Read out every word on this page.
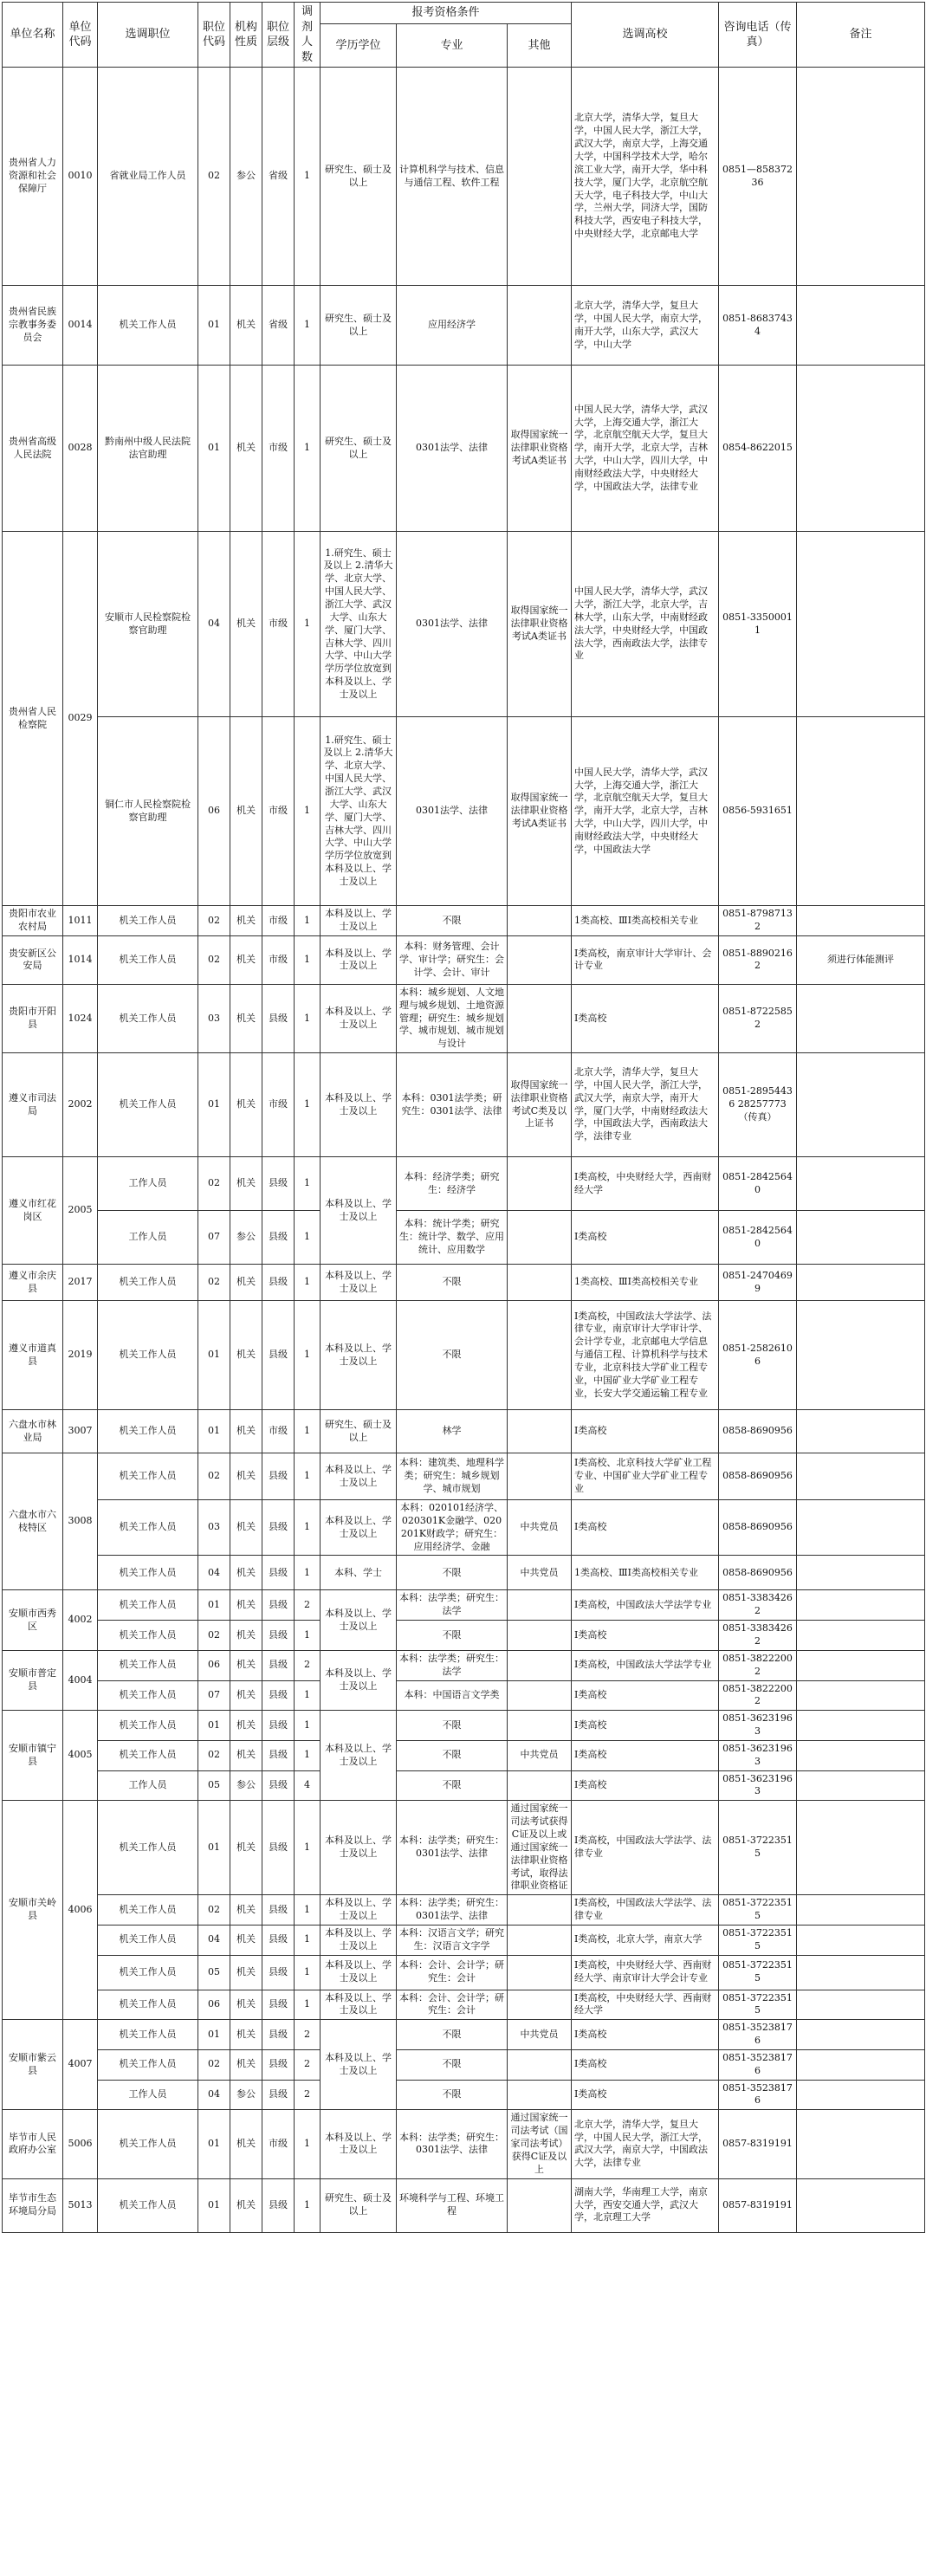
单位名称	单位代码	选调职位	职位代码	机构性质	职位层级	调剂人数	报考资格条件			选调高校	咨询电话（传真）	备注
							学历学位	专业	其他			
贵州省人力资源和社会保障厅	0010	省就业局工作人员	02	参公	省级	1	研究生、硕士及以上	计算机科学与技术、信息与通信工程、软件工程		北京大学，清华大学，复旦大学，中国人民大学，浙江大学，武汉大学，南京大学，上海交通大学，中国科学技术大学，哈尔滨工业大学，南开大学，华中科技大学，厦门大学，北京航空航天大学，电子科技大学，中山大学，兰州大学，同济大学，国防科技大学，西安电子科技大学，中央财经大学，北京邮电大学	0851—85837236	
贵州省民族宗教事务委员会	0014	机关工作人员	01	机关	省级	1	研究生、硕士及以上	应用经济学		北京大学，清华大学，复旦大学，中国人民大学，南京大学，南开大学，山东大学，武汉大学，中山大学	0851-86837434	
贵州省高级人民法院	0028	黔南州中级人民法院法官助理	01	机关	市级	1	研究生、硕士及以上	0301法学、法律	取得国家统一法律职业资格考试A类证书	中国人民大学，清华大学，武汉大学，上海交通大学，浙江大学，北京航空航天大学，复旦大学，南开大学，北京大学，吉林大学，中山大学，四川大学，中南财经政法大学，中央财经大学，中国政法大学，法律专业	0854-8622015	
贵州省人民检察院	0029	安顺市人民检察院检察官助理	04	机关	市级	1	1.研究生、硕士及以上 2.清华大学、北京大学、中国人民大学、浙江大学、武汉大学、山东大学、厦门大学、吉林大学、四川大学、中山大学学历学位放宽到本科及以上、学士及以上	0301法学、法律	取得国家统一法律职业资格考试A类证书	中国人民大学，清华大学，武汉大学，浙江大学，北京大学，吉林大学，山东大学，中南财经政法大学，中央财经大学，中国政法大学，西南政法大学，法律专业	0851-33500011	
		铜仁市人民检察院检察官助理	06	机关	市级	1	1.研究生、硕士及以上 2.清华大学、北京大学、中国人民大学、浙江大学、武汉大学、山东大学、厦门大学、吉林大学、四川大学、中山大学学历学位放宽到本科及以上、学士及以上	0301法学、法律	取得国家统一法律职业资格考试A类证书	中国人民大学，清华大学，武汉大学，上海交通大学，浙江大学，北京航空航天大学，复旦大学，南开大学，北京大学，吉林大学，中山大学，四川大学，中南财经政法大学，中央财经大学，中国政法大学	0856-5931651	
贵阳市农业农村局	1011	机关工作人员	02	机关	市级	1	本科及以上、学士及以上	不限		1类高校、ⅢI类高校相关专业	0851-87987132	
贵安新区公安局	1014	机关工作人员	02	机关	市级	1	本科及以上、学士及以上	本科：财务管理、会计学、审计学；研究生：会计学、会计、审计		I类高校，南京审计大学审计、会计专业	0851-88902162	须进行体能测评
贵阳市开阳县	1024	机关工作人员	03	机关	县级	1	本科及以上、学士及以上	本科：城乡规划、人文地理与城乡规划、土地资源管理；研究生：城乡规划学、城市规划、城市规划与设计		I类高校	0851-87225852	
遵义市司法局	2002	机关工作人员	01	机关	市级	1	本科及以上、学士及以上	本科：0301法学类；研究生：0301法学、法律	取得国家统一法律职业资格考试C类及以上证书	北京大学，清华大学，复旦大学，中国人民大学，浙江大学，武汉大学，南京大学，南开大学，厦门大学，中南财经政法大学，中国政法大学，西南政法大学，法律专业	0851-28954436 28257773（传真）	
遵义市红花岗区	2005	工作人员	02	机关	县级	1	本科及以上、学士及以上	本科：经济学类；研究生：经济学		I类高校，中央财经大学，西南财经大学	0851-28425640	
		工作人员	07	参公	县级	1		本科：统计学类；研究生：统计学、数学、应用统计、应用数学		I类高校	0851-28425640	
遵义市余庆县	2017	机关工作人员	02	机关	县级	1	本科及以上、学士及以上	不限		1类高校、ⅢI类高校相关专业	0851-24704699	
遵义市道真县	2019	机关工作人员	01	机关	县级	1	本科及以上、学士及以上	不限		I类高校，中国政法大学法学、法律专业，南京审计大学审计学、会计学专业，北京邮电大学信息与通信工程、计算机科学与技术专业，北京科技大学矿业工程专业，中国矿业大学矿业工程专业，长安大学交通运输工程专业	0851-25826106	
六盘水市林业局	3007	机关工作人员	01	机关	市级	1	研究生、硕士及以上	林学		I类高校	0858-8690956	
六盘水市六枝特区	3008	机关工作人员	02	机关	县级	1	本科及以上、学士及以上	本科：建筑类、地理科学类；研究生：城乡规划学、城市规划		I类高校、北京科技大学矿业工程专业、中国矿业大学矿业工程专业	0858-8690956	
		机关工作人员	03	机关	县级	1	本科及以上、学士及以上	本科：020101经济学、020301K金融学、020201K财政学；研究生：应用经济学、金融	中共党员	I类高校	0858-8690956	
		机关工作人员	04	机关	县级	1	本科、学士	不限	中共党员	1类高校、ⅢI类高校相关专业	0858-8690956	
安顺市西秀区	4002	机关工作人员	01	机关	县级	2	本科及以上、学士及以上	本科：法学类；研究生：法学		I类高校，中国政法大学法学专业	0851-33834262	
		机关工作人员	02	机关	县级	1		不限		I类高校	0851-33834262	
安顺市普定县	4004	机关工作人员	06	机关	县级	2	本科及以上、学士及以上	本科：法学类；研究生：法学		I类高校，中国政法大学法学专业	0851-38222002	
		机关工作人员	07	机关	县级	1		本科：中国语言文学类		I类高校	0851-38222002	
安顺市镇宁县	4005	机关工作人员	01	机关	县级	1	本科及以上、学士及以上	不限		I类高校	0851-36231963	
		机关工作人员	02	机关	县级	1		不限	中共党员	I类高校	0851-36231963	
		工作人员	05	参公	县级	4		不限		I类高校	0851-36231963	
安顺市关岭县	4006	机关工作人员	01	机关	县级	1	本科及以上、学士及以上	本科：法学类；研究生：0301法学、法律	通过国家统一司法考试获得C证及以上或通过国家统一法律职业资格考试，取得法律职业资格证	I类高校，中国政法大学法学、法律专业	0851-37223515	
		机关工作人员	02	机关	县级	1	本科及以上、学士及以上	本科：法学类；研究生：0301法学、法律		I类高校，中国政法大学法学、法律专业	0851-37223515	
		机关工作人员	04	机关	县级	1	本科及以上、学士及以上	本科：汉语言文学；研究生：汉语言文字学		I类高校，北京大学，南京大学	0851-37223515	
		机关工作人员	05	机关	县级	1	本科及以上、学士及以上	本科：会计、会计学；研究生：会计		I类高校，中央财经大学、西南财经大学、南京审计大学会计专业	0851-37223515	
		机关工作人员	06	机关	县级	1	本科及以上、学士及以上	本科：会计、会计学；研究生：会计		I类高校，中央财经大学、西南财经大学	0851-37223515	
安顺市紫云县	4007	机关工作人员	01	机关	县级	2	本科及以上、学士及以上	不限	中共党员	I类高校	0851-35238176	
		机关工作人员	02	机关	县级	2		不限		I类高校	0851-35238176	
		工作人员	04	参公	县级	2		不限		I类高校	0851-35238176	
毕节市人民政府办公室	5006	机关工作人员	01	机关	市级	1	本科及以上、学士及以上	本科：法学类；研究生：0301法学、法律	通过国家统一司法考试（国家司法考试）获得C证及以上	北京大学，清华大学，复旦大学，中国人民大学，浙江大学，武汉大学，南京大学，中国政法大学，法律专业	0857-8319191	
毕节市生态环境局分局	5013	机关工作人员	01	机关	县级	1	研究生、硕士及以上	环境科学与工程、环境工程		湖南大学，华南理工大学，南京大学，西安交通大学，武汉大学，北京理工大学	0857-8319191	
